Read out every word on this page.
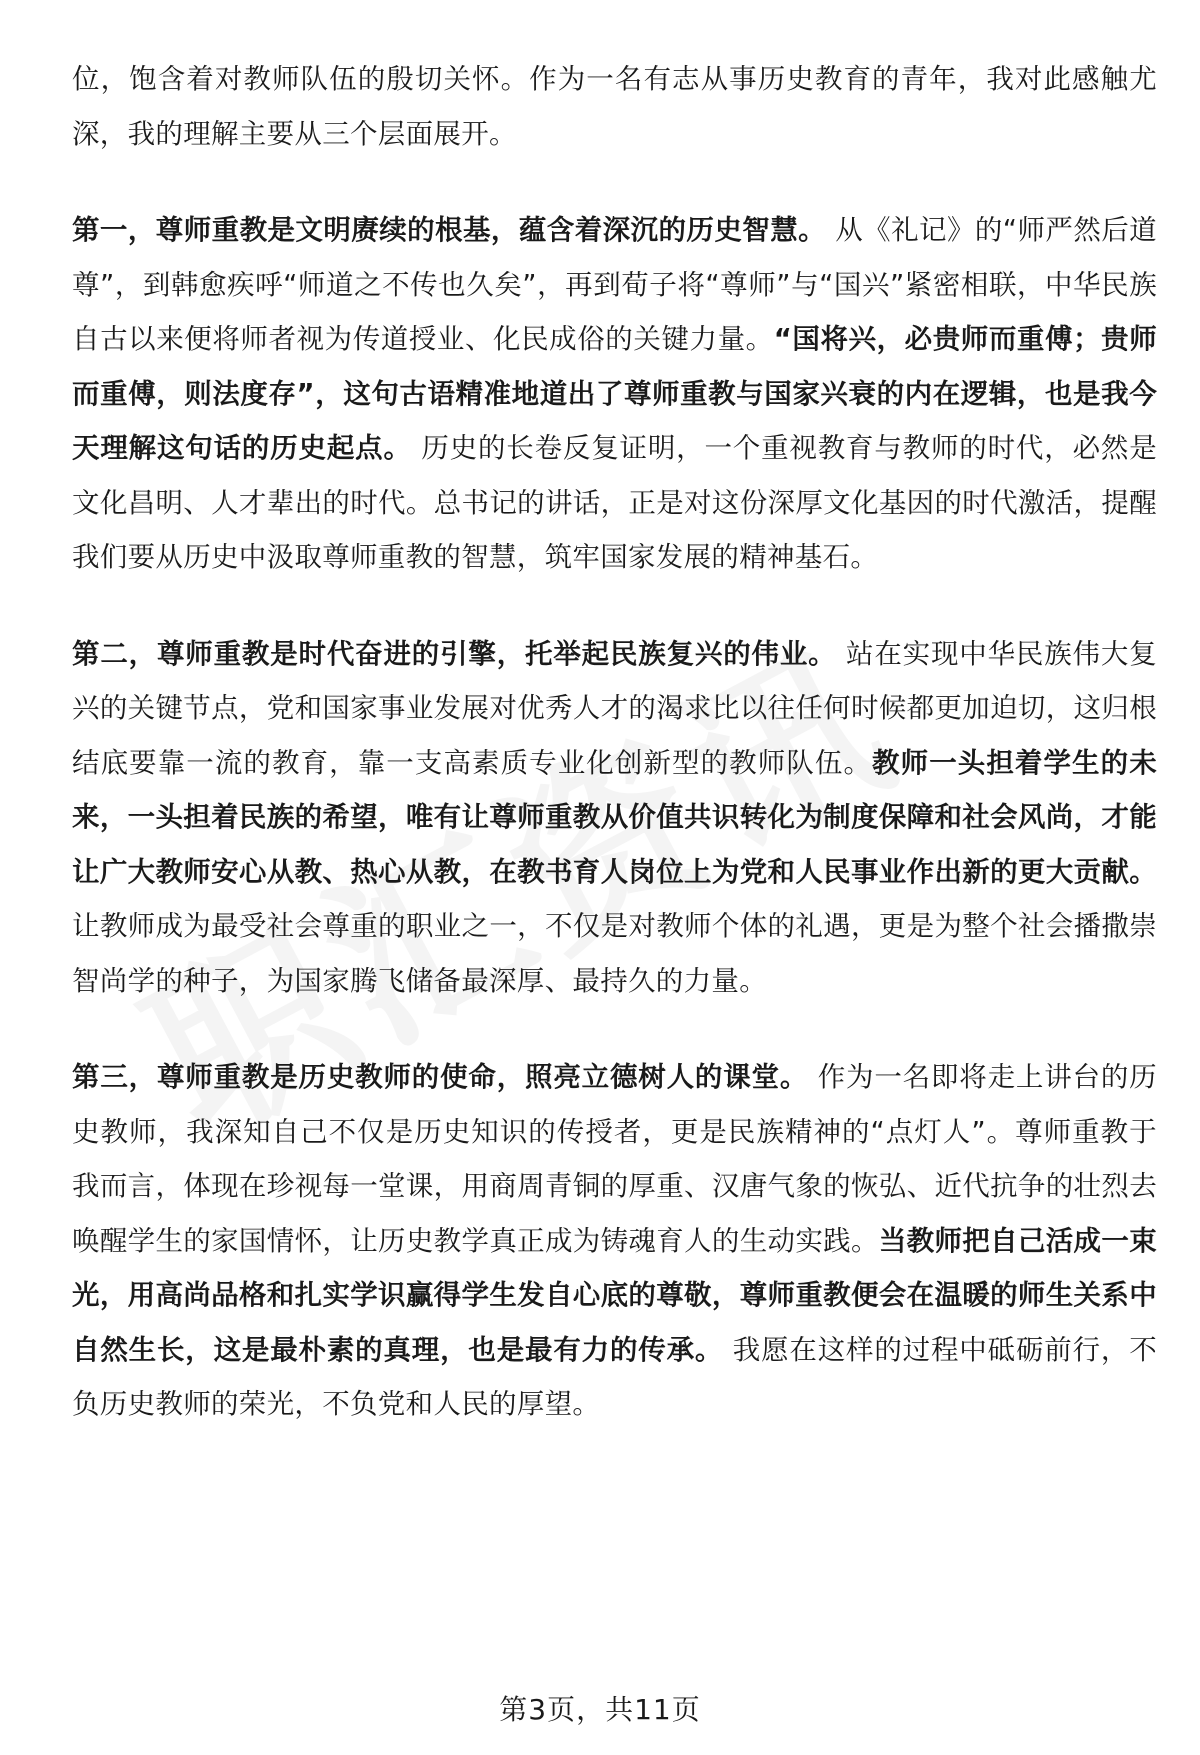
位，饱含着对教师队伍的殷切关怀。作为一名有志从事历史教育的青年，我对此感触尤深，我的理解主要从三个层面展开。

第一，尊师重教是文明赓续的根基，蕴含着深沉的历史智慧。 从《礼记》的“师严然后道尊”，到韩愈疾呼“师道之不传也久矣”，再到荀子将“尊师”与“国兴”紧密相联，中华民族自古以来便将师者视为传道授业、化民成俗的关键力量。“国将兴，必贵师而重傅；贵师而重傅，则法度存”，这句古语精准地道出了尊师重教与国家兴衰的内在逻辑，也是我今天理解这句话的历史起点。 历史的长卷反复证明，一个重视教育与教师的时代，必然是文化昌明、人才辈出的时代。总书记的讲话，正是对这份深厚文化基因的时代激活，提醒我们要从历史中汲取尊师重教的智慧，筑牢国家发展的精神基石。

第二，尊师重教是时代奋进的引擎，托举起民族复兴的伟业。 站在实现中华民族伟大复兴的关键节点，党和国家事业发展对优秀人才的渴求比以往任何时候都更加迫切，这归根结底要靠一流的教育，靠一支高素质专业化创新型的教师队伍。教师一头担着学生的未来，一头担着民族的希望，唯有让尊师重教从价值共识转化为制度保障和社会风尚，才能让广大教师安心从教、热心从教，在教书育人岗位上为党和人民事业作出新的更大贡献。 让教师成为最受社会尊重的职业之一，不仅是对教师个体的礼遇，更是为整个社会播撒崇智尚学的种子，为国家腾飞储备最深厚、最持久的力量。

第三，尊师重教是历史教师的使命，照亮立德树人的课堂。 作为一名即将走上讲台的历史教师，我深知自己不仅是历史知识的传授者，更是民族精神的“点灯人”。尊师重教于我而言，体现在珍视每一堂课，用商周青铜的厚重、汉唐气象的恢弘、近代抗争的壮烈去唤醒学生的家国情怀，让历史教学真正成为铸魂育人的生动实践。当教师把自己活成一束光，用高尚品格和扎实学识赢得学生发自心底的尊敬，尊师重教便会在温暖的师生关系中自然生长，这是最朴素的真理，也是最有力的传承。 我愿在这样的过程中砥砺前行，不负历史教师的荣光，不负党和人民的厚望。

第3页，共11页
